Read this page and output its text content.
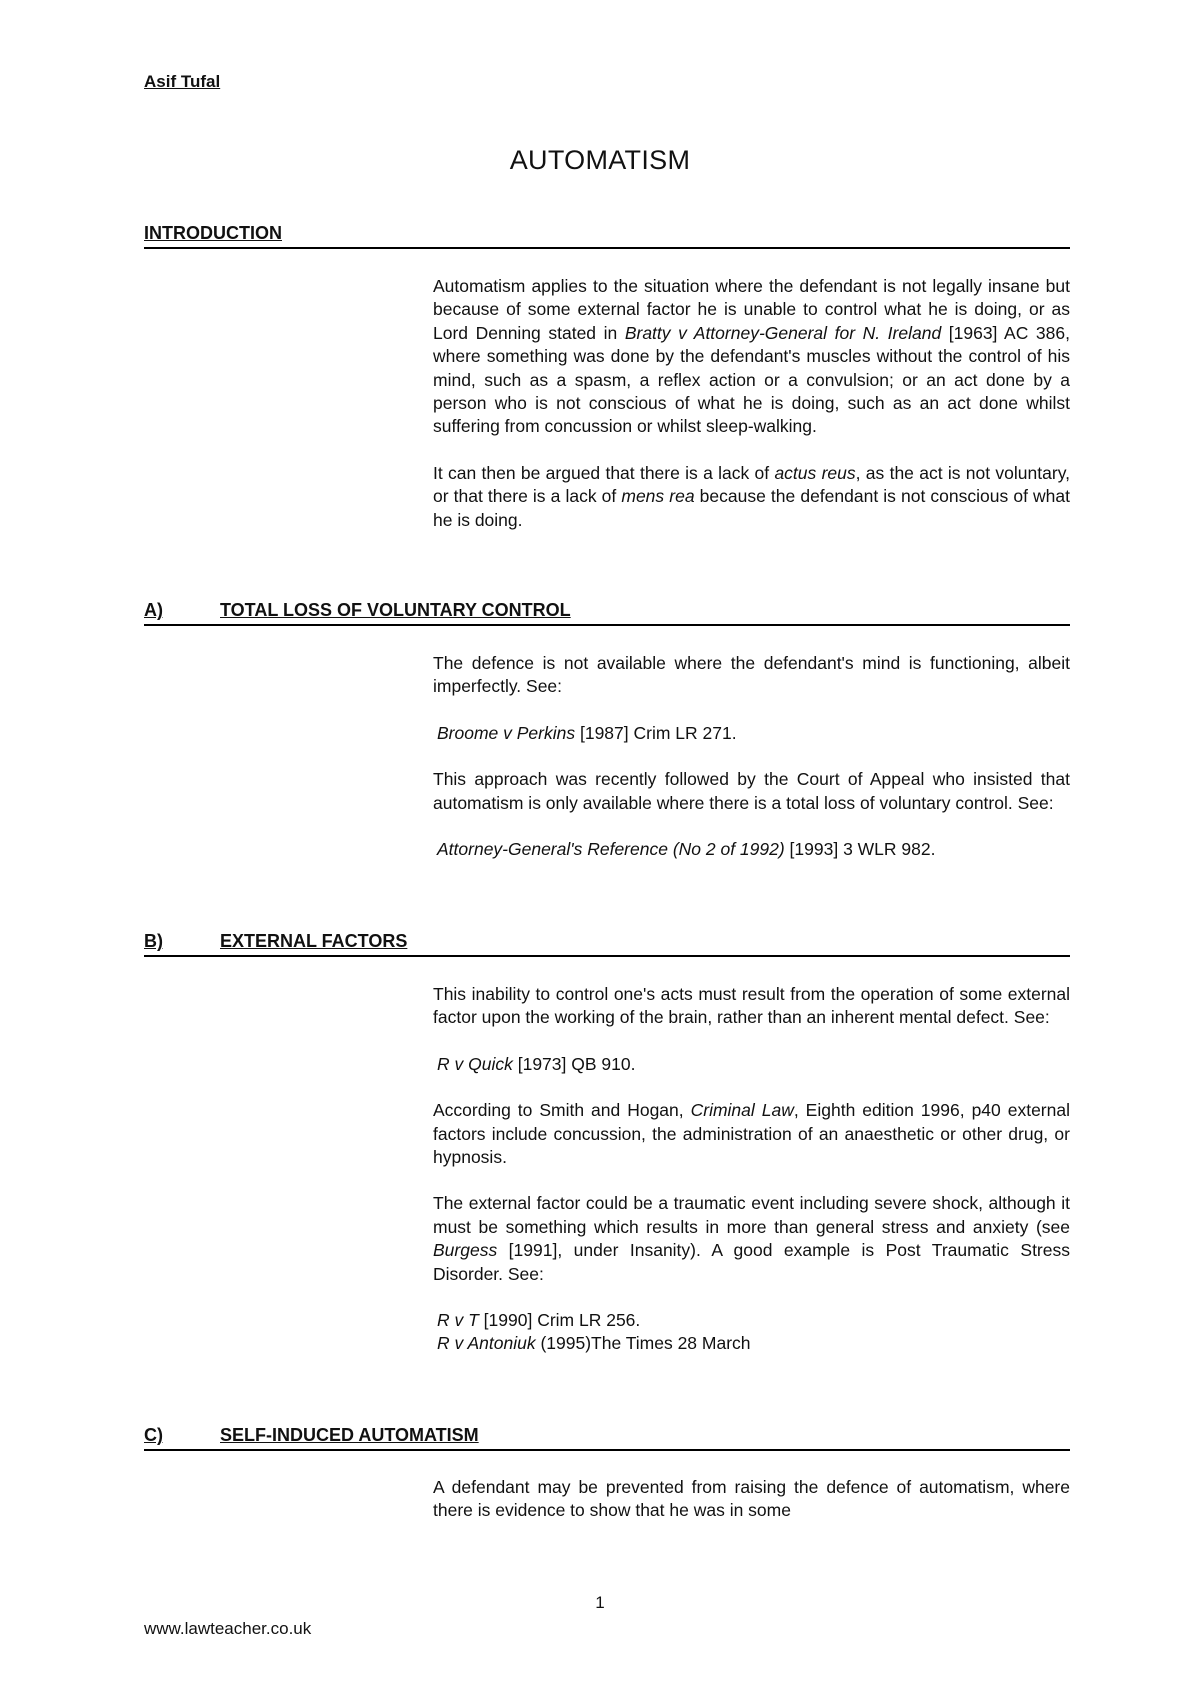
Asif Tufal

AUTOMATISM
INTRODUCTION

Automatism applies to the situation where the defendant is not legally insane but because of some external factor he is unable to control what he is doing, or as Lord Denning stated in Bratty v Attorney-General for N. Ireland [1963] AC 386, where something was done by the defendant's muscles without the control of his mind, such as a spasm, a reflex action or a convulsion; or an act done by a person who is not conscious of what he is doing, such as an act done whilst suffering from concussion or whilst sleep-walking.

It can then be argued that there is a lack of actus reus, as the act is not voluntary, or that there is a lack of mens rea because the defendant is not conscious of what he is doing.

A)	TOTAL LOSS OF VOLUNTARY CONTROL

The defence is not available where the defendant's mind is functioning, albeit imperfectly. See:

Broome v Perkins [1987] Crim LR 271.

This approach was recently followed by the Court of Appeal who insisted that automatism is only available where there is a total loss of voluntary control. See:

Attorney-General's Reference (No 2 of 1992) [1993] 3 WLR 982.

B)	EXTERNAL FACTORS

This inability to control one's acts must result from the operation of some external factor upon the working of the brain, rather than an inherent mental defect. See:

R v Quick [1973] QB 910.

According to Smith and Hogan, Criminal Law, Eighth edition 1996, p40 external factors include concussion, the administration of an anaesthetic or other drug, or hypnosis.

The external factor could be a traumatic event including severe shock, although it must be something which results in more than general stress and anxiety (see Burgess [1991], under Insanity). A good example is Post Traumatic Stress Disorder. See:

R v T [1990] Crim LR 256.

R v Antoniuk (1995)The Times 28 March

C)	SELF-INDUCED AUTOMATISM

A defendant may be prevented from raising the defence of automatism, where there is evidence to show that he was in some

1
www.lawteacher.co.uk
